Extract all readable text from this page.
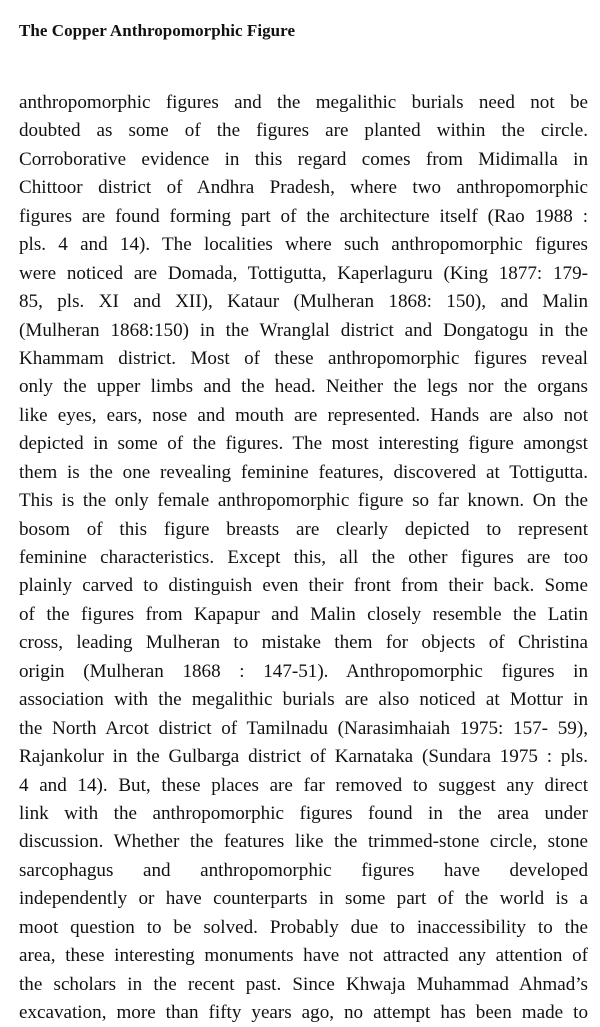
The Copper Anthropomorphic Figure
anthropomorphic figures and the megalithic burials need not be
doubted as some of the figures are planted within the circle.
Corroborative evidence in this regard comes from Midimalla in
Chittoor district of Andhra Pradesh, where two anthropomorphic
figures are found forming part of the architecture itself (Rao 1988 :
pls. 4 and 14). The localities where such anthropomorphic figures
were noticed are Domada, Tottigutta, Kaperlaguru (King 1877: 179-
85, pls. XI and XII), Kataur (Mulheran 1868: 150), and Malin
(Mulheran 1868:150) in the Wranglal district and Dongatogu in the
Khammam district. Most of these anthropomorphic figures reveal
only the upper limbs and the head. Neither the legs nor the organs
like eyes, ears, nose and mouth are represented. Hands are also not
depicted in some of the figures. The most interesting figure amongst
them is the one revealing feminine features, discovered at Tottigutta.
This is the only female anthropomorphic figure so far known. On the
bosom of this figure breasts are clearly depicted to represent
feminine characteristics. Except this, all the other figures are too
plainly carved to distinguish even their front from their back. Some
of the figures from Kapapur and Malin closely resemble the Latin
cross, leading Mulheran to mistake them for objects of Christina
origin (Mulheran 1868 : 147-51). Anthropomorphic figures in
association with the megalithic burials are also noticed at Mottur in
the North Arcot district of Tamilnadu (Narasimhaiah 1975: 157- 59),
Rajankolur in the Gulbarga district of Karnataka (Sundara 1975 : pls.
4 and 14). But, these places are far removed to suggest any direct
link with the anthropomorphic figures found in the area under
discussion. Whether the features like the trimmed-stone circle, stone
sarcophagus and anthropomorphic figures have developed
independently or have counterparts in some part of the world is a
moot question to be solved. Probably due to inaccessibility to the
area, these interesting monuments have not attracted any attention of
the scholars in the recent past. Since Khwaja Muhammad Ahmad’s
excavation, more than fifty years ago, no attempt has been made to
